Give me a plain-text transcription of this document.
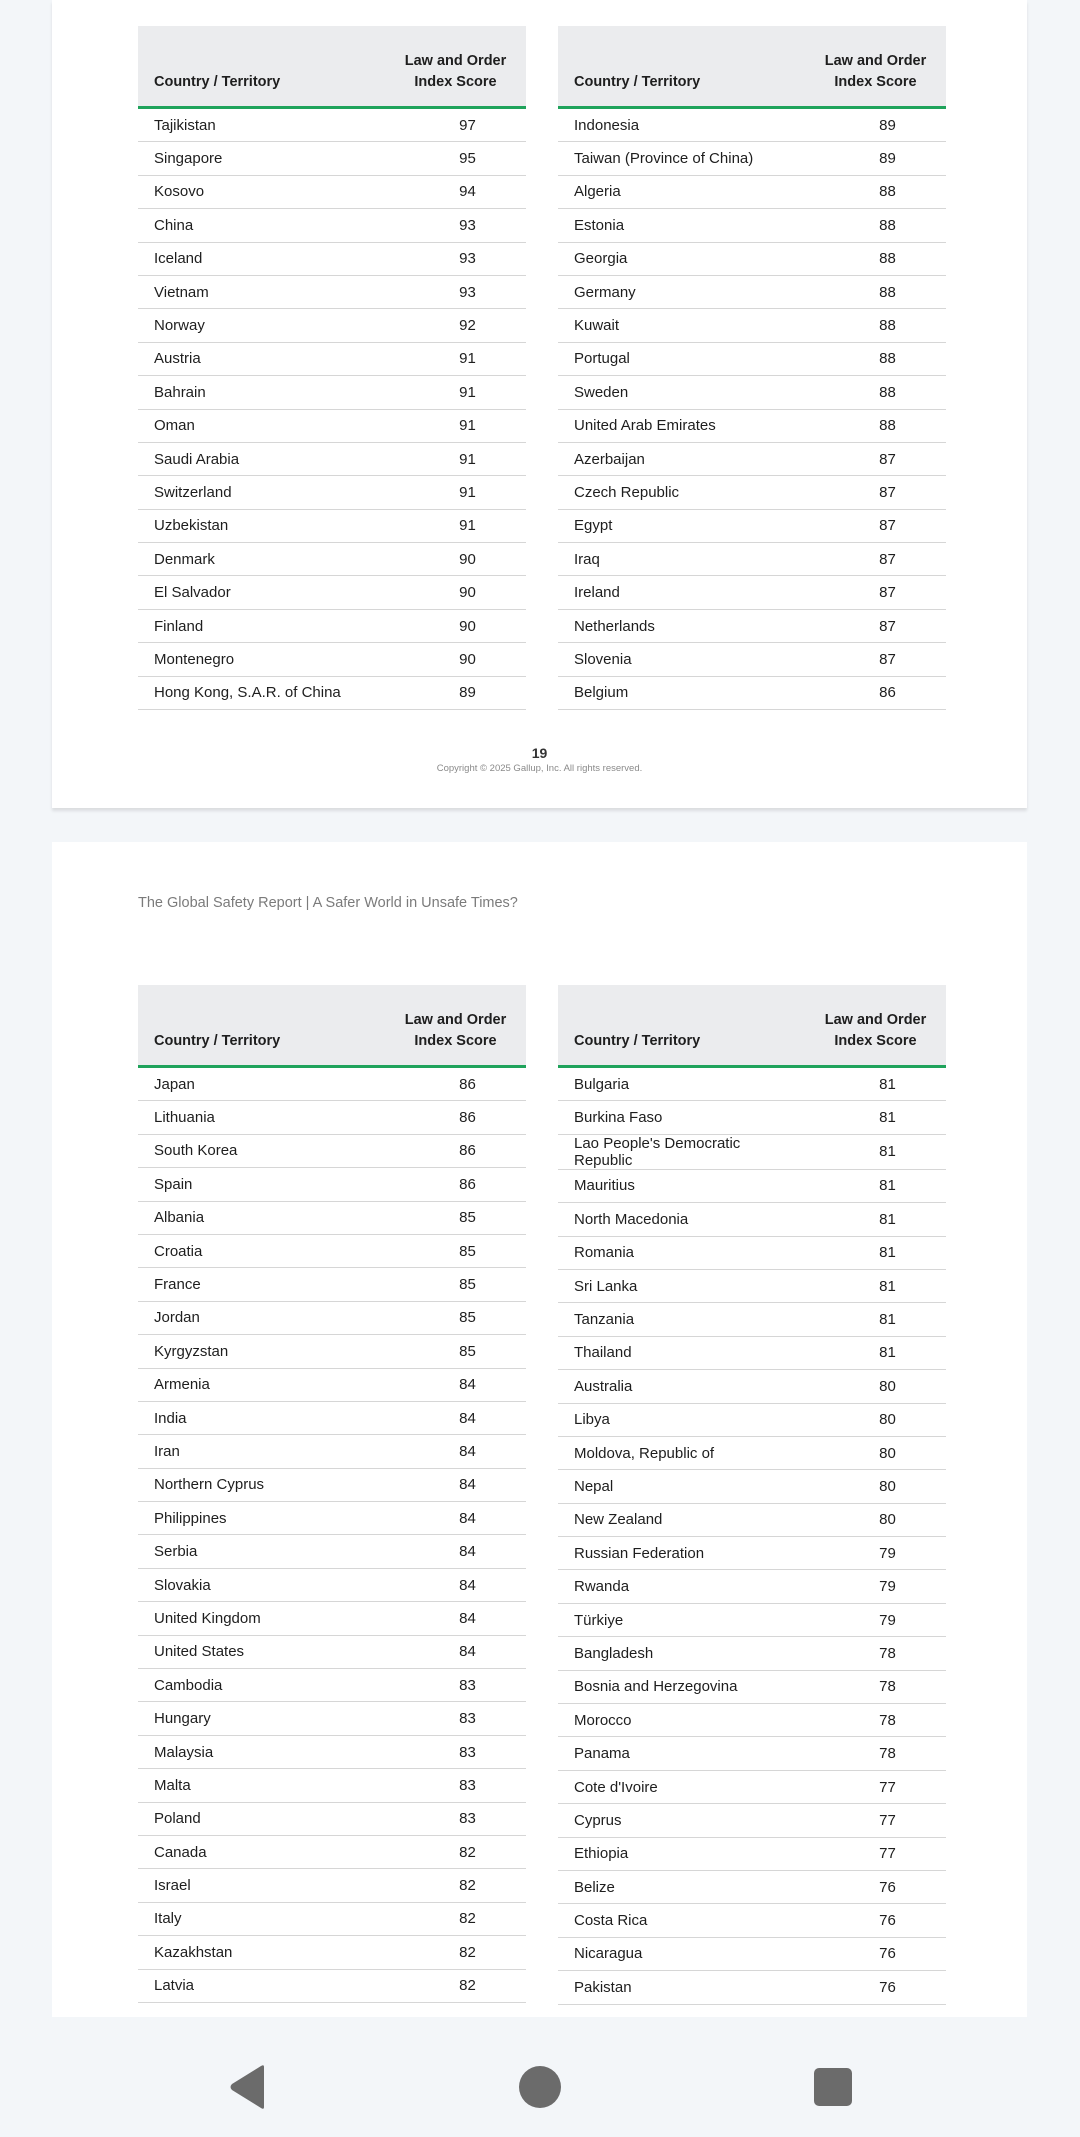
Country / Territory	Law and Order
Index Score
Tajikistan	97
Singapore	95
Kosovo	94
China	93
Iceland	93
Vietnam	93
Norway	92
Austria	91
Bahrain	91
Oman	91
Saudi Arabia	91
Switzerland	91
Uzbekistan	91
Denmark	90
El Salvador	90
Finland	90
Montenegro	90
Hong Kong, S.A.R. of China	89
Country / Territory	Law and Order
Index Score
Indonesia	89
Taiwan (Province of China)	89
Algeria	88
Estonia	88
Georgia	88
Germany	88
Kuwait	88
Portugal	88
Sweden	88
United Arab Emirates	88
Azerbaijan	87
Czech Republic	87
Egypt	87
Iraq	87
Ireland	87
Netherlands	87
Slovenia	87
Belgium	86
19
Copyright © 2025 Gallup, Inc. All rights reserved.
The Global Safety Report | A Safer World in Unsafe Times?
Country / Territory	Law and Order
Index Score
Japan	86
Lithuania	86
South Korea	86
Spain	86
Albania	85
Croatia	85
France	85
Jordan	85
Kyrgyzstan	85
Armenia	84
India	84
Iran	84
Northern Cyprus	84
Philippines	84
Serbia	84
Slovakia	84
United Kingdom	84
United States	84
Cambodia	83
Hungary	83
Malaysia	83
Malta	83
Poland	83
Canada	82
Israel	82
Italy	82
Kazakhstan	82
Latvia	82
Country / Territory	Law and Order
Index Score
Bulgaria	81
Burkina Faso	81
Lao People's Democratic Republic	81
Mauritius	81
North Macedonia	81
Romania	81
Sri Lanka	81
Tanzania	81
Thailand	81
Australia	80
Libya	80
Moldova, Republic of	80
Nepal	80
New Zealand	80
Russian Federation	79
Rwanda	79
Türkiye	79
Bangladesh	78
Bosnia and Herzegovina	78
Morocco	78
Panama	78
Cote d'Ivoire	77
Cyprus	77
Ethiopia	77
Belize	76
Costa Rica	76
Nicaragua	76
Pakistan	76
